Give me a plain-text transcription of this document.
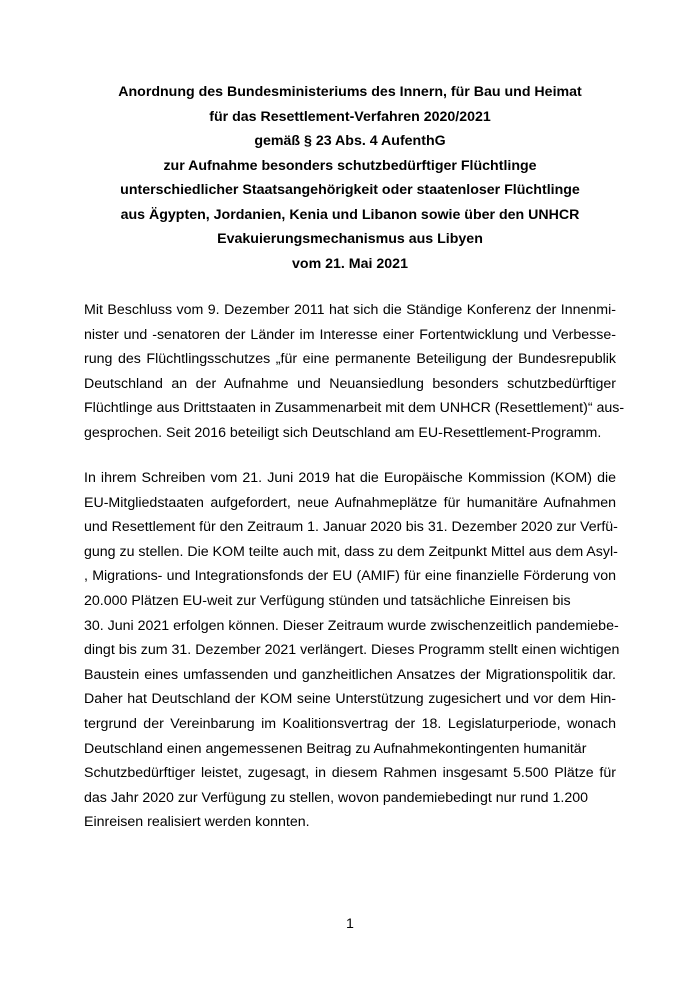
Anordnung des Bundesministeriums des Innern, für Bau und Heimat
für das Resettlement-Verfahren 2020/2021
gemäß § 23 Abs. 4 AufenthG
zur Aufnahme besonders schutzbedürftiger Flüchtlinge
unterschiedlicher Staatsangehörigkeit oder staatenloser Flüchtlinge
aus Ägypten, Jordanien, Kenia und Libanon sowie über den UNHCR
Evakuierungsmechanismus aus Libyen
vom 21. Mai 2021
Mit Beschluss vom 9. Dezember 2011 hat sich die Ständige Konferenz der Innenmi-
nister und -senatoren der Länder im Interesse einer Fortentwicklung und Verbesse-
rung des Flüchtlingsschutzes „für eine permanente Beteiligung der Bundesrepublik
Deutschland an der Aufnahme und Neuansiedlung besonders schutzbedürftiger
Flüchtlinge aus Drittstaaten in Zusammenarbeit mit dem UNHCR (Resettlement)“ aus-
gesprochen. Seit 2016 beteiligt sich Deutschland am EU-Resettlement-Programm.
In ihrem Schreiben vom 21. Juni 2019 hat die Europäische Kommission (KOM) die
EU-Mitgliedstaaten aufgefordert, neue Aufnahmeplätze für humanitäre Aufnahmen
und Resettlement für den Zeitraum 1. Januar 2020 bis 31. Dezember 2020 zur Verfü-
gung zu stellen. Die KOM teilte auch mit, dass zu dem Zeitpunkt Mittel aus dem Asyl-
, Migrations- und Integrationsfonds der EU (AMIF) für eine finanzielle Förderung von
20.000 Plätzen EU-weit zur Verfügung stünden und tatsächliche Einreisen bis
30. Juni 2021 erfolgen können. Dieser Zeitraum wurde zwischenzeitlich pandemiebe-
dingt bis zum 31. Dezember 2021 verlängert. Dieses Programm stellt einen wichtigen
Baustein eines umfassenden und ganzheitlichen Ansatzes der Migrationspolitik dar.
Daher hat Deutschland der KOM seine Unterstützung zugesichert und vor dem Hin-
tergrund der Vereinbarung im Koalitionsvertrag der 18. Legislaturperiode, wonach
Deutschland einen angemessenen Beitrag zu Aufnahmekontingenten humanitär
Schutzbedürftiger leistet, zugesagt, in diesem Rahmen insgesamt 5.500 Plätze für
das Jahr 2020 zur Verfügung zu stellen, wovon pandemiebedingt nur rund 1.200
Einreisen realisiert werden konnten.
1
